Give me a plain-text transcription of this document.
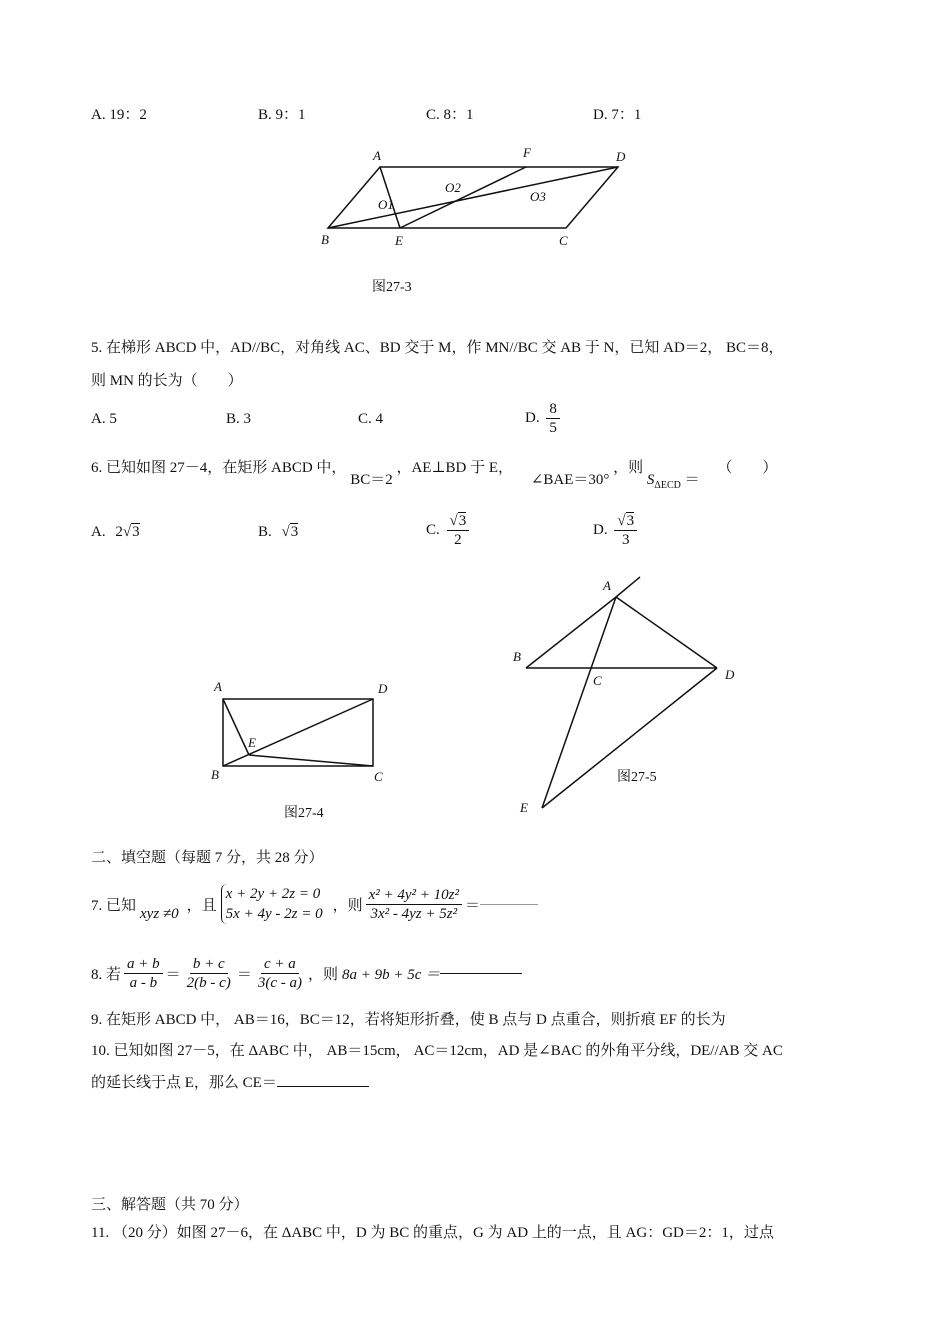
A. 19：2	B. 9：1	C. 8：1	D. 7：1
A	F	D
O2
O1
O3
B	E	C
图27-3
5. 在梯形 ABCD 中，AD//BC，对角线 AC、BD 交于 M，作 MN//BC 交 AB 于 N，已知 AD＝2， BC＝8，
则 MN 的长为（　　）
A. 5	B. 3	C. 4	D. $\frac{8}{5}$
6. 已知如图 27－4，在矩形 ABCD 中， BC＝2 ，AE⊥BD 于 E， ∠BAE＝30° ，则 $S_{\Delta ECD}$ ＝ （　　）
A. 2√3	B. √3	C. $\frac{√3}{2}$	D. $\frac{√3}{3}$
A	D
E
B	C
图27-4
A
B
C	D
E
图27-5
二、填空题（每题 7 分，共 28 分）
7. 已知 xyz ≠0 ，且
x + 2y + 2z = 0
5x + 4y - 2z = 0
，则 $\frac{\text{x² + 4y² + 10z²}}{\text{3x² - 4yz + 5z²}}$ ＝
8. 若 $\frac{a + b}{a - b} = \frac{b + c}{2(b - c)} = \frac{c + a}{3(c - a)}$ ，则 8a + 9b + 5c ＝
9. 在矩形 ABCD 中， AB＝16，BC＝12，若将矩形折叠，使 B 点与 D 点重合，则折痕 EF 的长为
10. 已知如图 27－5，在 ΔABC 中， AB＝15cm， AC＝12cm，AD 是∠BAC 的外角平分线，DE//AB 交 AC
的延长线于点 E，那么 CE＝
三、解答题（共 70 分）
11. （20 分）如图 27－6，在 ΔABC 中，D 为 BC 的重点，G 为 AD 上的一点，且 AG：GD＝2：1，过点
